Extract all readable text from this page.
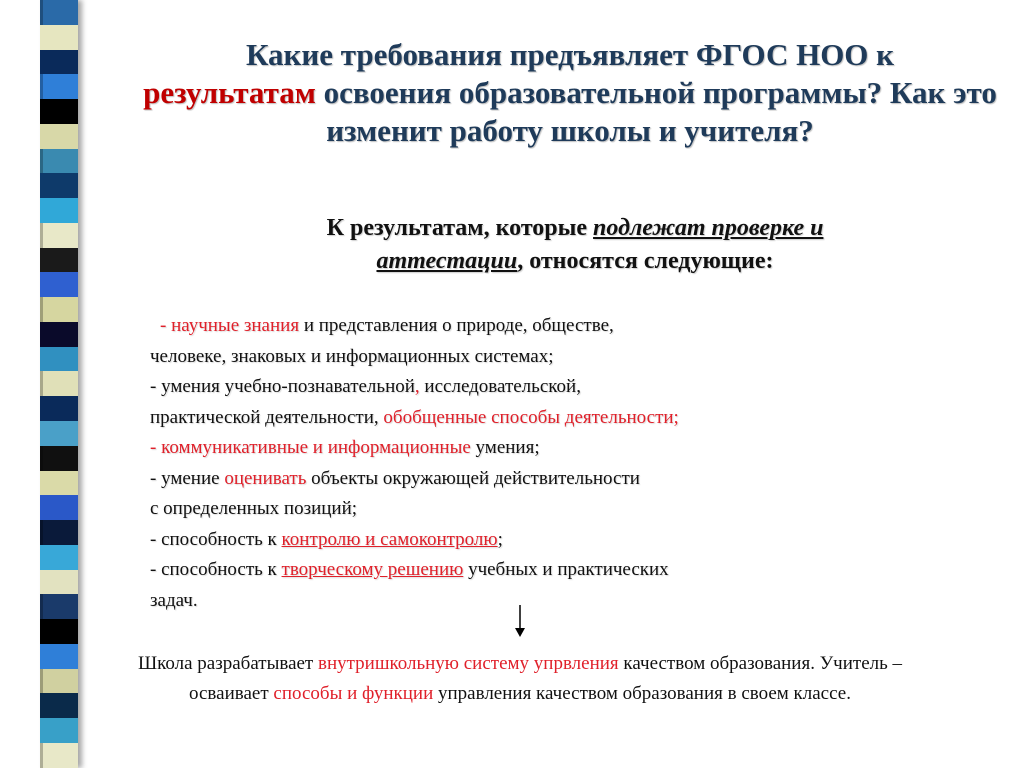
Какие требования предъявляет ФГОС НОО к
результатам освоения образовательной программы? Как это изменит работу школы и учителя?
К результатам, которые подлежат проверке и
аттестации, относятся следующие:
- научные знания и представления о природе, обществе,
человеке, знаковых и информационных системах;
- умения учебно-познавательной, исследовательской,
практической деятельности, обобщенные способы деятельности;
- коммуникативные и информационные умения;
- умение оценивать объекты окружающей действительности
с определенных позиций;
- способность к контролю и самоконтролю;
- способность к творческому решению учебных и практических
задач.
Школа разрабатывает внутришкольную систему упрвления качеством образования. Учитель – осваивает способы и функции управления качеством образования в своем классе.
